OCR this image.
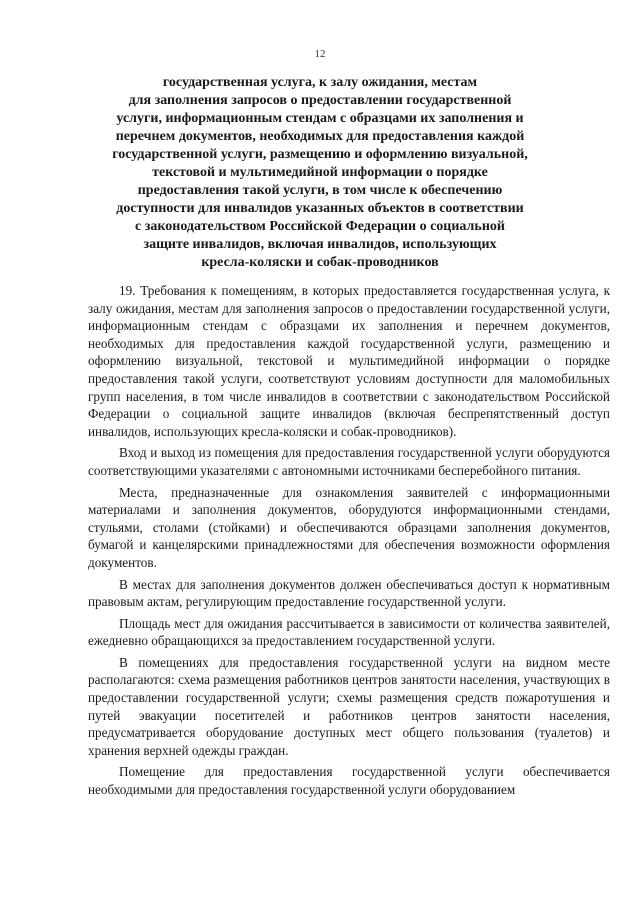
12
государственная услуга, к залу ожидания, местам
для заполнения запросов о предоставлении государственной
услуги, информационным стендам с образцами их заполнения и
перечнем документов, необходимых для предоставления каждой
государственной услуги, размещению и оформлению визуальной,
текстовой и мультимедийной информации о порядке
предоставления такой услуги, в том числе к обеспечению
доступности для инвалидов указанных объектов в соответствии
с законодательством Российской Федерации о социальной
защите инвалидов, включая инвалидов, использующих
кресла-коляски и собак-проводников

19. Требования к помещениям, в которых предоставляется государственная услуга, к залу ожидания, местам для заполнения запросов о предоставлении государственной услуги, информационным стендам с образцами их заполнения и перечнем документов, необходимых для предоставления каждой государственной услуги, размещению и оформлению визуальной, текстовой и мультимедийной информации о порядке предоставления такой услуги, соответствуют условиям доступности для маломобильных групп населения, в том числе инвалидов в соответствии с законодательством Российской Федерации о социальной защите инвалидов (включая беспрепятственный доступ инвалидов, использующих кресла-коляски и собак-проводников).

Вход и выход из помещения для предоставления государственной услуги оборудуются соответствующими указателями с автономными источниками бесперебойного питания.

Места, предназначенные для ознакомления заявителей с информационными материалами и заполнения документов, оборудуются информационными стендами, стульями, столами (стойками) и обеспечиваются образцами заполнения документов, бумагой и канцелярскими принадлежностями для обеспечения возможности оформления документов.

В местах для заполнения документов должен обеспечиваться доступ к нормативным правовым актам, регулирующим предоставление государственной услуги.

Площадь мест для ожидания рассчитывается в зависимости от количества заявителей, ежедневно обращающихся за предоставлением государственной услуги.

В помещениях для предоставления государственной услуги на видном месте располагаются: схема размещения работников центров занятости населения, участвующих в предоставлении государственной услуги; схемы размещения средств пожаротушения и путей эвакуации посетителей и работников центров занятости населения, предусматривается оборудование доступных мест общего пользования (туалетов) и хранения верхней одежды граждан.

Помещение для предоставления государственной услуги обеспечивается необходимыми для предоставления государственной услуги оборудованием
